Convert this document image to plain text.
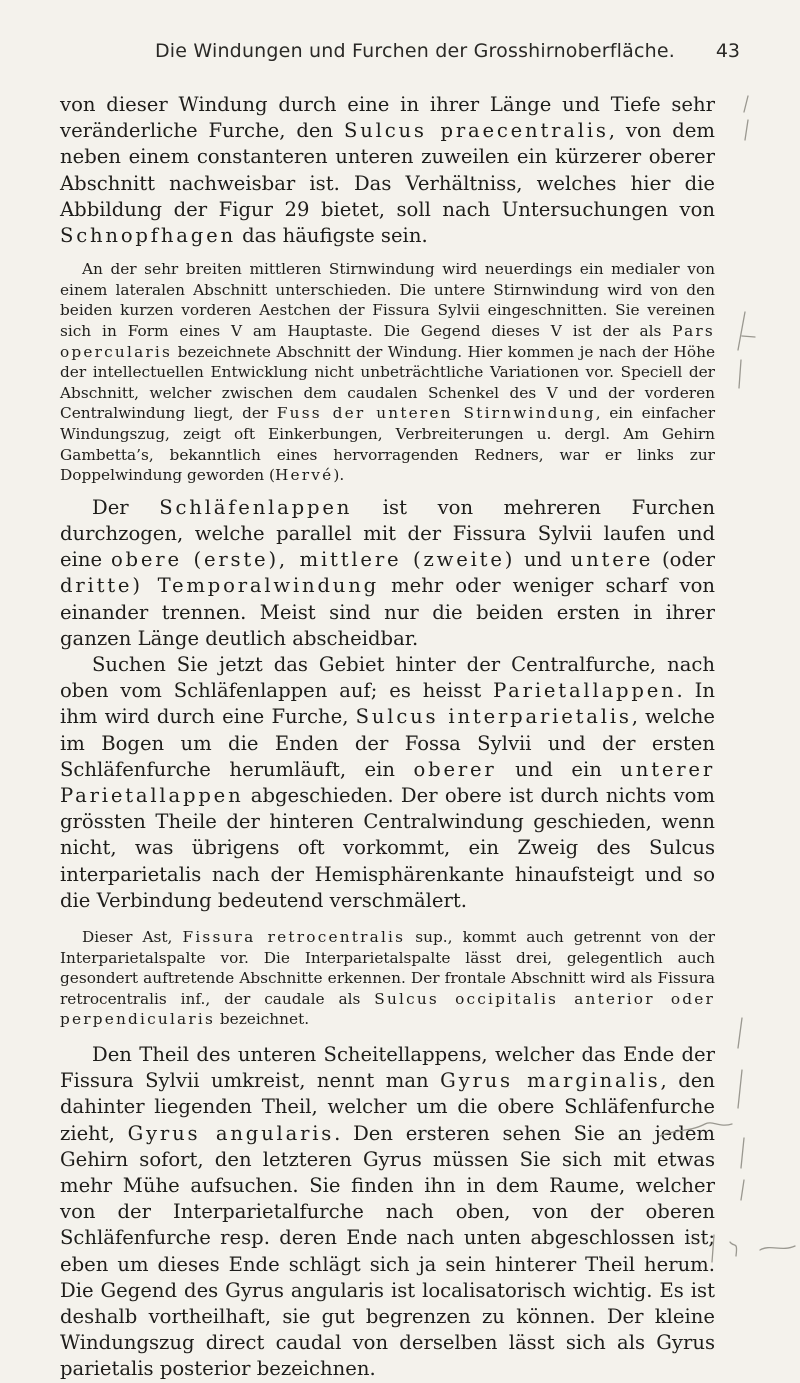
Die Windungen und Furchen der Grosshirnoberfläche.	43

von dieser Windung durch eine in ihrer Länge und Tiefe sehr veränderliche Furche, den Sulcus praecentralis, von dem neben einem constanteren unteren zuweilen ein kürzerer oberer Abschnitt nachweisbar ist. Das Verhältniss, welches hier die Abbildung der Figur 29 bietet, soll nach Untersuchungen von Schnopfhagen das häufigste sein.

An der sehr breiten mittleren Stirnwindung wird neuerdings ein medialer von einem lateralen Abschnitt unterschieden. Die untere Stirnwindung wird von den beiden kurzen vorderen Aestchen der Fissura Sylvii eingeschnitten. Sie vereinen sich in Form eines V am Hauptaste. Die Gegend dieses V ist der als Pars opercularis bezeichnete Abschnitt der Windung. Hier kommen je nach der Höhe der intellectuellen Entwicklung nicht unbeträchtliche Variationen vor. Speciell der Abschnitt, welcher zwischen dem caudalen Schenkel des V und der vorderen Centralwindung liegt, der Fuss der unteren Stirnwindung, ein einfacher Windungszug, zeigt oft Einkerbungen, Verbreiterungen u. dergl. Am Gehirn Gambetta’s, bekanntlich eines hervorragenden Redners, war er links zur Doppelwindung geworden (Hervé).

Der Schläfenlappen ist von mehreren Furchen durchzogen, welche parallel mit der Fissura Sylvii laufen und eine obere (erste), mittlere (zweite) und untere (oder dritte) Temporalwindung mehr oder weniger scharf von einander trennen. Meist sind nur die beiden ersten in ihrer ganzen Länge deutlich abscheidbar.

Suchen Sie jetzt das Gebiet hinter der Centralfurche, nach oben vom Schläfenlappen auf; es heisst Parietallappen. In ihm wird durch eine Furche, Sulcus interparietalis, welche im Bogen um die Enden der Fossa Sylvii und der ersten Schläfenfurche herumläuft, ein oberer und ein unterer Parietallappen abgeschieden. Der obere ist durch nichts vom grössten Theile der hinteren Centralwindung geschieden, wenn nicht, was übrigens oft vorkommt, ein Zweig des Sulcus interparietalis nach der Hemisphärenkante hinaufsteigt und so die Verbindung bedeutend verschmälert.

Dieser Ast, Fissura retrocentralis sup., kommt auch getrennt von der Interparietalspalte vor. Die Interparietalspalte lässt drei, gelegentlich auch gesondert auftretende Abschnitte erkennen. Der frontale Abschnitt wird als Fissura retrocentralis inf., der caudale als Sulcus occipitalis anterior oder perpendicularis bezeichnet.

Den Theil des unteren Scheitellappens, welcher das Ende der Fissura Sylvii umkreist, nennt man Gyrus marginalis, den dahinter liegenden Theil, welcher um die obere Schläfenfurche zieht, Gyrus angularis. Den ersteren sehen Sie an jedem Gehirn sofort, den letzteren Gyrus müssen Sie sich mit etwas mehr Mühe aufsuchen. Sie finden ihn in dem Raume, welcher von der Interparietalfurche nach oben, von der oberen Schläfenfurche resp. deren Ende nach unten abgeschlossen ist; eben um dieses Ende schlägt sich ja sein hinterer Theil herum. Die Gegend des Gyrus angularis ist localisatorisch wichtig. Es ist deshalb vortheilhaft, sie gut begrenzen zu können. Der kleine Windungszug direct caudal von derselben lässt sich als Gyrus parietalis posterior bezeichnen.
